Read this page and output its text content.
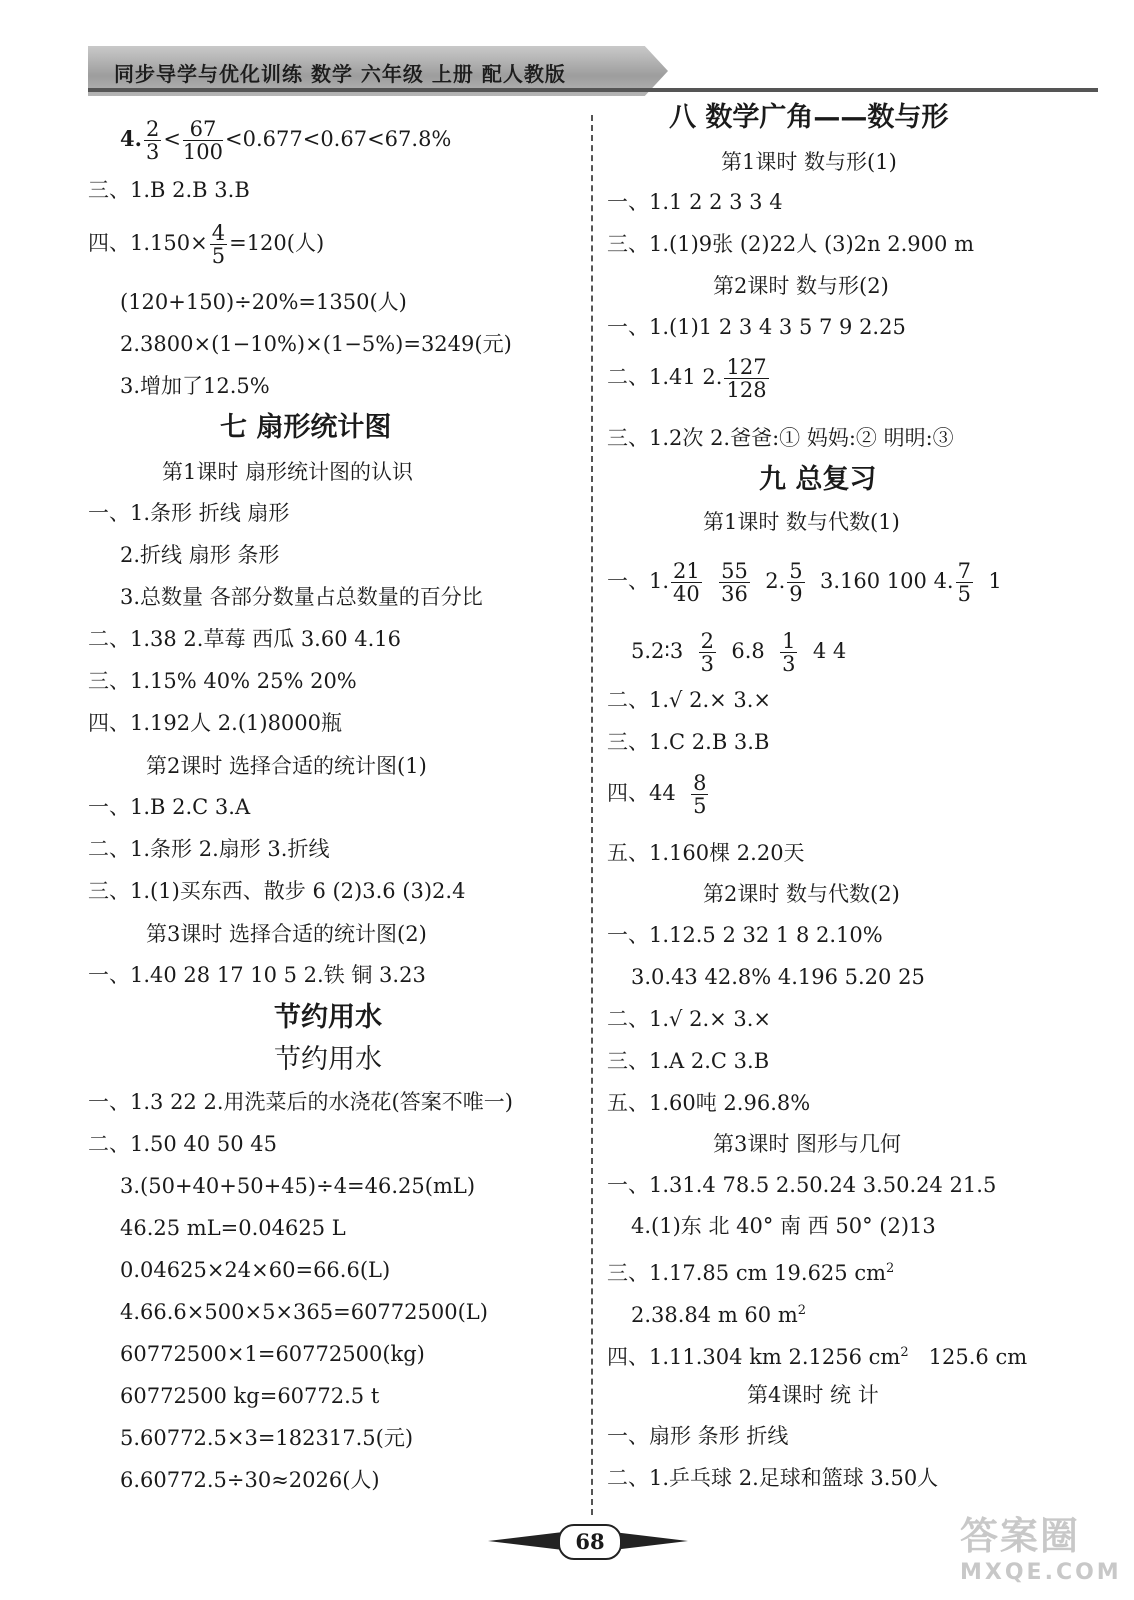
同步导学与优化训练 数学 六年级 上册 配人教版
4. $\frac{2}{3} < \frac{67}{100} <0.677<0.67<67.8\%$
三、1.B 2.B 3.B
四、$1.150\times \frac{4}{5} =120$(人)
(120+150)÷20%=1350(人)
2.3800×(1−10%)×(1−5%)=3249(元)
3.增加了12.5%
七 扇形统计图
第1课时 扇形统计图的认识
一、1.条形 折线 扇形
2.折线 扇形 条形
3.总数量 各部分数量占总数量的百分比
二、1.38 2.草莓 西瓜 3.60 4.16
三、1.15% 40% 25% 20%
四、1.192人 2.(1)8000瓶
第2课时 选择合适的统计图(1)
一、1.B 2.C 3.A
二、1.条形 2.扇形 3.折线
三、1.(1)买东西、散步 6 (2)3.6 (3)2.4
第3课时 选择合适的统计图(2)
一、1.40 28 17 10 5 2.铁 铜 3.23
节约用水
节约用水
一、1.3 22 2.用洗菜后的水浇花(答案不唯一)
二、1.50 40 50 45
3.(50+40+50+45)÷4=46.25(mL)
46.25 mL=0.04625 L
0.04625×24×60=66.6(L)
4.66.6×500×5×365=60772500(L)
60772500×1=60772500(kg)
60772500 kg=60772.5 t
5.60772.5×3=182317.5(元)
6.60772.5÷30≈2026(人)
八 数学广角——数与形
第1课时 数与形(1)
一、1.1 2 2 3 3 4
三、1.(1)9张 (2)22人 (3)2n 2.900 m
第2课时 数与形(2)
一、1.(1)1 2 3 4 3 5 7 9 2.25
二、1.41 2. $\frac{127}{128}$
三、1.2次 2.爸爸:① 妈妈:② 明明:③
九 总复习
第1课时 数与代数(1)
一、1. $\frac{21}{40}$
$\frac{55}{36} 2$. $\frac{5}{9} 3.160$ 100 4. $\frac{7}{5} 1$
5.2∶3 $\frac{2}{3} 6.8 \frac{1}{3} 4$ 4
二、1.√ 2.× 3.×
三、1.C 2.B 3.B
四、$44 \frac{8}{5}$
五、1.160棵 2.20天
第2课时 数与代数(2)
一、1.12.5 2 32 1 8 2.10%
3.0.43 42.8% 4.196 5.20 25
二、1.√ 2.× 3.×
三、1.A 2.C 3.B
五、1.60吨 2.96.8%
第3课时 图形与几何
一、1.31.4 78.5 2.50.24 3.50.24 21.5
4.(1)东 北 40° 南 西 50° (2)13
三、1.17.85 cm 19.625 $cm^2$
2.38.84 m 60 $m^2$
四、1.11.304 km 2.1256 $cm^2$ 125.6 cm
第4课时 统 计
一、扇形 条形 折线
二、1.乒乓球 2.足球和篮球 3.50人
68	答案圈
MXQE.COM
